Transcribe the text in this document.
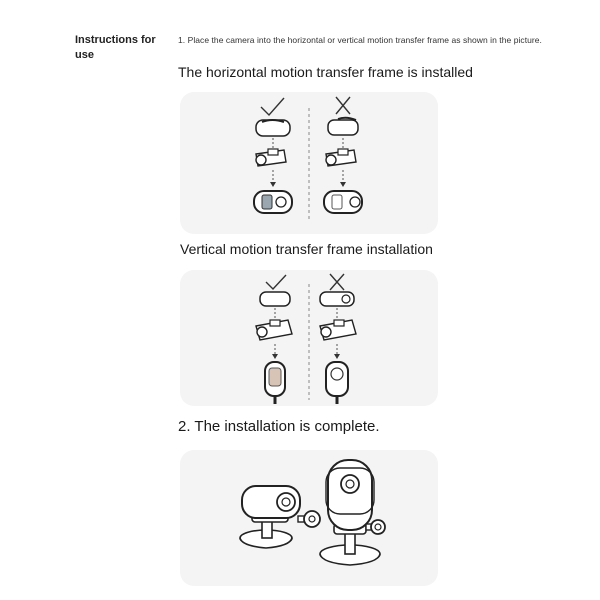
Instructions for
use
1. Place the camera into the horizontal or vertical motion transfer frame as shown in the picture.
The horizontal motion transfer frame is installed
Vertical motion transfer frame installation
2. The installation is complete.
